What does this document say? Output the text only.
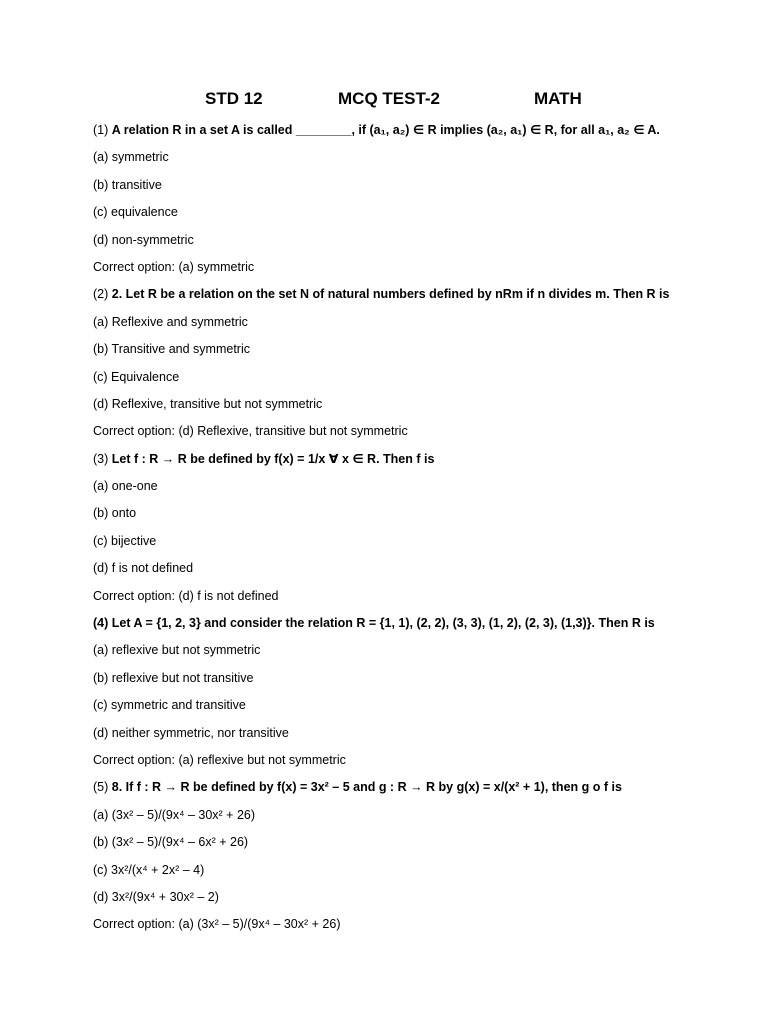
STD 12	MCQ TEST-2	MATH
(1) A relation R in a set A is called ________, if (a₁, a₂) ∈ R implies (a₂, a₁) ∈ R, for all a₁, a₂ ∈ A.
(a) symmetric
(b) transitive
(c) equivalence
(d) non-symmetric
Correct option: (a) symmetric
(2) 2. Let R be a relation on the set N of natural numbers defined by nRm if n divides m. Then R is
(a) Reflexive and symmetric
(b) Transitive and symmetric
(c) Equivalence
(d) Reflexive, transitive but not symmetric
Correct option: (d) Reflexive, transitive but not symmetric
(3) Let f : R → R be defined by f(x) = 1/x ∀ x ∈ R. Then f is
(a) one-one
(b) onto
(c) bijective
(d) f is not defined
Correct option: (d) f is not defined
(4) Let A = {1, 2, 3} and consider the relation R = {1, 1), (2, 2), (3, 3), (1, 2), (2, 3), (1,3)}. Then R is
(a) reflexive but not symmetric
(b) reflexive but not transitive
(c) symmetric and transitive
(d) neither symmetric, nor transitive
Correct option: (a) reflexive but not symmetric
(5) 8. If f : R → R be defined by f(x) = 3x² – 5 and g : R → R by g(x) = x/(x² + 1), then g o f is
(a) (3x² – 5)/(9x⁴ – 30x² + 26)
(b) (3x² – 5)/(9x⁴ – 6x² + 26)
(c) 3x²/(x⁴ + 2x² – 4)
(d) 3x²/(9x⁴ + 30x² – 2)
Correct option: (a) (3x² – 5)/(9x⁴ – 30x² + 26)
